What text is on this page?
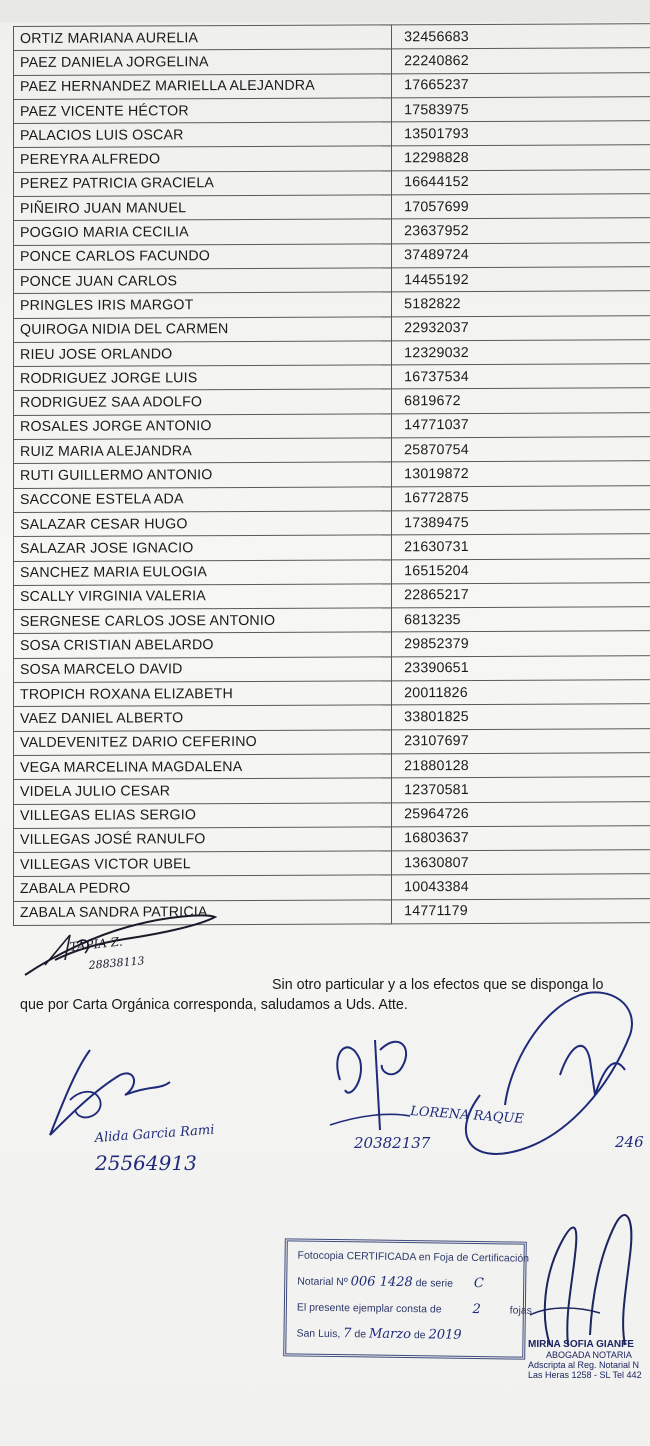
ORTIZ MARIANA AURELIA	32456683
PAEZ DANIELA JORGELINA	22240862
PAEZ HERNANDEZ MARIELLA ALEJANDRA	17665237
PAEZ VICENTE HÉCTOR	17583975
PALACIOS LUIS OSCAR	13501793
PEREYRA ALFREDO	12298828
PEREZ PATRICIA GRACIELA	16644152
PIÑEIRO JUAN MANUEL	17057699
POGGIO MARIA CECILIA	23637952
PONCE CARLOS FACUNDO	37489724
PONCE JUAN CARLOS	14455192
PRINGLES IRIS MARGOT	5182822
QUIROGA NIDIA DEL CARMEN	22932037
RIEU JOSE ORLANDO	12329032
RODRIGUEZ JORGE LUIS	16737534
RODRIGUEZ SAA ADOLFO	6819672
ROSALES JORGE ANTONIO	14771037
RUIZ MARIA ALEJANDRA	25870754
RUTI GUILLERMO ANTONIO	13019872
SACCONE ESTELA ADA	16772875
SALAZAR CESAR HUGO	17389475
SALAZAR JOSE IGNACIO	21630731
SANCHEZ MARIA EULOGIA	16515204
SCALLY VIRGINIA VALERIA	22865217
SERGNESE CARLOS JOSE ANTONIO	6813235
SOSA CRISTIAN ABELARDO	29852379
SOSA MARCELO DAVID	23390651
TROPICH ROXANA ELIZABETH	20011826
VAEZ DANIEL ALBERTO	33801825
VALDEVENITEZ DARIO CEFERINO	23107697
VEGA MARCELINA MAGDALENA	21880128
VIDELA JULIO CESAR	12370581
VILLEGAS ELIAS SERGIO	25964726
VILLEGAS JOSÉ RANULFO	16803637
VILLEGAS VICTOR UBEL	13630807
ZABALA PEDRO	10043384
ZABALA SANDRA PATRICIA	14771179
Sin otro particular y a los efectos que se disponga lo
que por Carta Orgánica corresponda, saludamos a Uds. Atte.
TAPIA Z.
28838113
Alida Garcia Rami
25564913
20382137
LORENA RAQUE
246
Fotocopia CERTIFICADA en Foja de Certificación
Notarial Nº 006 1428 de serie C
El presente ejemplar consta de 2	fojas
San Luis, 7 de Marzo de 2019
MIRNA SOFIA GIANFE
ABOGADA NOTARIA
Adscripta al Reg. Notarial N
Las Heras 1258 - SL Tel 442
